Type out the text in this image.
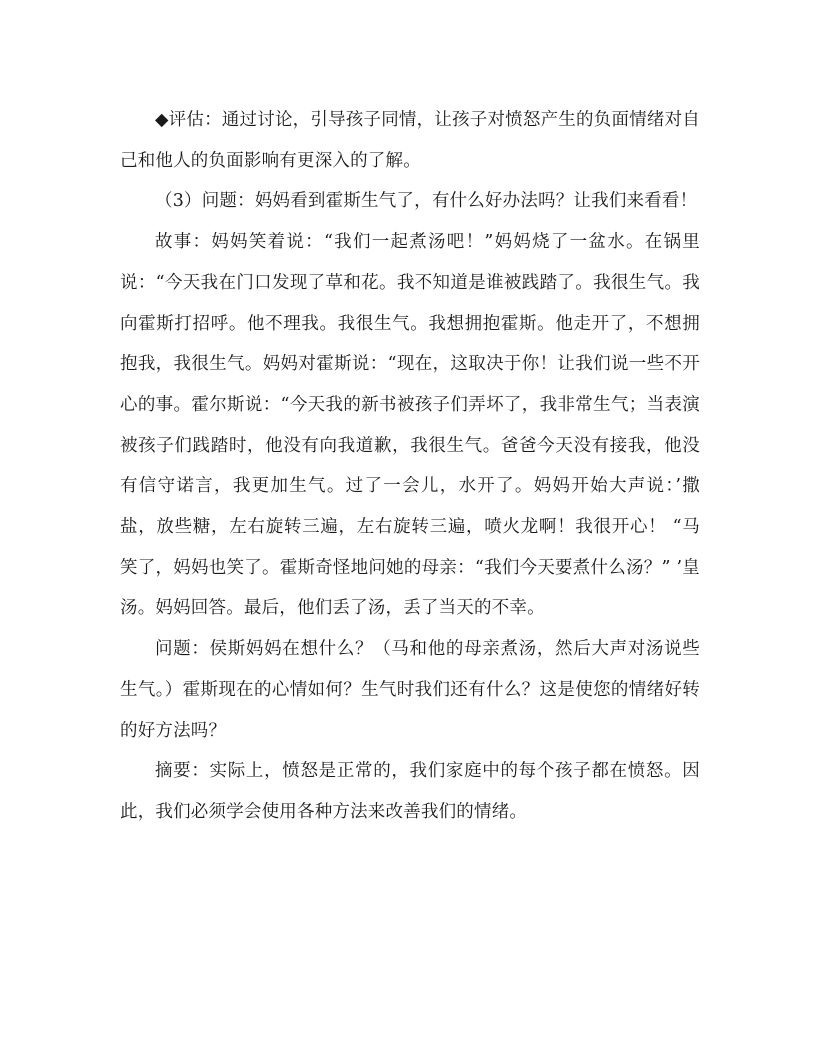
◆评估：通过讨论，引导孩子同情，让孩子对愤怒产生的负面情绪对自己和他人的负面影响有更深入的了解。

（3）问题：妈妈看到霍斯生气了，有什么好办法吗？让我们来看看！

故事：妈妈笑着说：“我们一起煮汤吧！”妈妈烧了一盆水。在锅里说：“今天我在门口发现了草和花。我不知道是谁被践踏了。我很生气。我向霍斯打招呼。他不理我。我很生气。我想拥抱霍斯。他走开了，不想拥抱我，我很生气。妈妈对霍斯说：“现在，这取决于你！让我们说一些不开心的事。霍尔斯说：“今天我的新书被孩子们弄坏了，我非常生气；当表演被孩子们践踏时，他没有向我道歉，我很生气。爸爸今天没有接我，他没有信守诺言，我更加生气。过了一会儿，水开了。妈妈开始大声说：’撒盐，放些糖，左右旋转三遍，左右旋转三遍，喷火龙啊！我很开心！ “马笑了，妈妈也笑了。霍斯奇怪地问她的母亲：“我们今天要煮什么汤？” ’皇汤。妈妈回答。最后，他们丢了汤，丢了当天的不幸。

问题：侯斯妈妈在想什么？（马和他的母亲煮汤，然后大声对汤说些生气。）霍斯现在的心情如何？生气时我们还有什么？这是使您的情绪好转的好方法吗？

摘要：实际上，愤怒是正常的，我们家庭中的每个孩子都在愤怒。因此，我们必须学会使用各种方法来改善我们的情绪。
